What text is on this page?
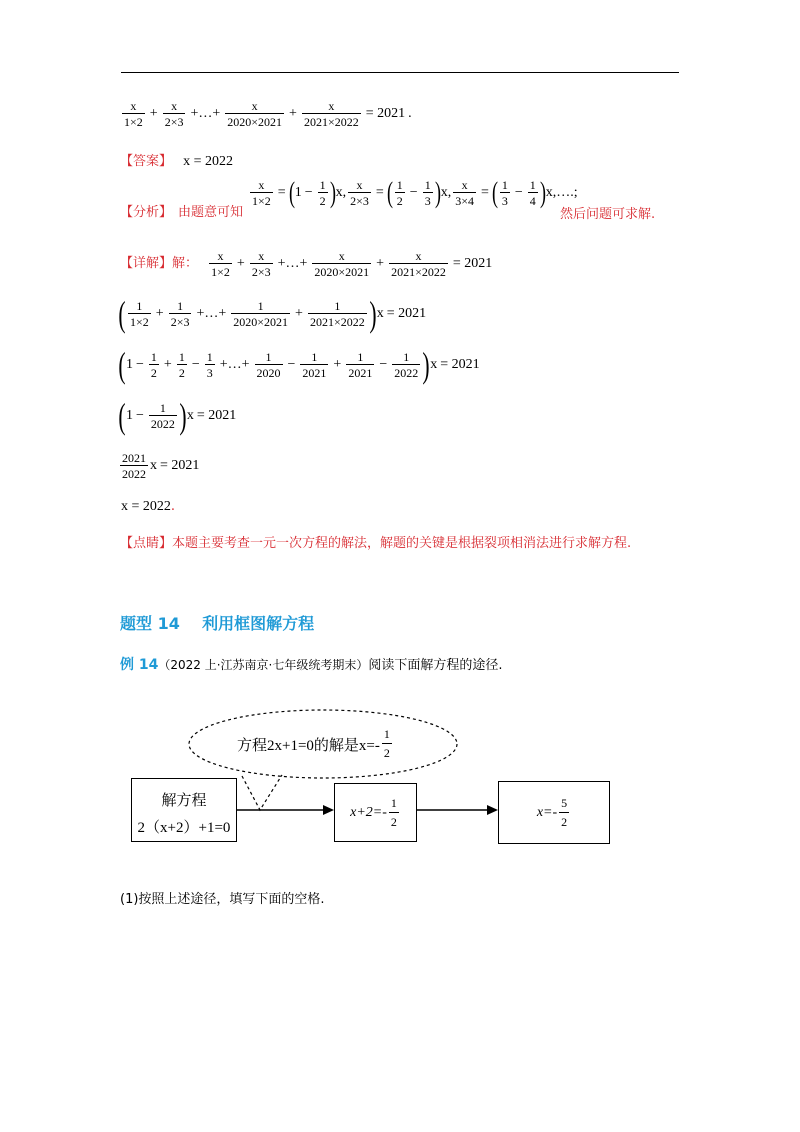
$\frac{x}{1\times 2} + \frac{x}{2\times 3}$ +…+ $\frac{x}{2020\times 2021} + \frac{x}{2021\times 2022} = 2021$ .
【答案】 x = 2022
【分析】 由题意可知
$\frac{x}{1\times 2} = (1 - \frac{1}{2} )x$, $\frac{x}{2\times 3}$ = ( $\frac{1}{2} - \frac{1}{3} )x$, $\frac{x}{3\times 4}$ = ( $\frac{1}{3} - \frac{1}{4}$ )x,….;
然后问题可求解.
【详解】解： $\frac{x}{1\times 2} + \frac{x}{2\times 3}$ +…+ $\frac{x}{2020\times 2021} + \frac{x}{2021\times 2022} = 2021$
( $\frac{1}{1\times 2} + \frac{1}{2\times 3}$ +…+ $\frac{1}{2020\times 2021} + \frac{1}{2021\times 2022} )x = 2021$
($1 - \frac{1}{2} + \frac{1}{2} - \frac{1}{3}$ +…+ $\frac{1}{2020} - \frac{1}{2021} + \frac{1}{2021} - \frac{1}{2022} )x = 2021$
$(1 - \frac{1}{2022} )x = 2021$
$\frac{2021}{2022}$ x = 2021
x = 2022.
【点睛】本题主要考查一元一次方程的解法，解题的关键是根据裂项相消法进行求解方程.
题型 14    利用框图解方程
例 14（2022 上·江苏南京·七年级统考期末）阅读下面解方程的途径.
方程2x+1=0的解是$x=- \frac{1}{2}$
解方程
2（x+2）+1=0
$x+2=- \frac{1}{2}$	$x=- \frac{5}{2}$
(1)按照上述途径，填写下面的空格.
